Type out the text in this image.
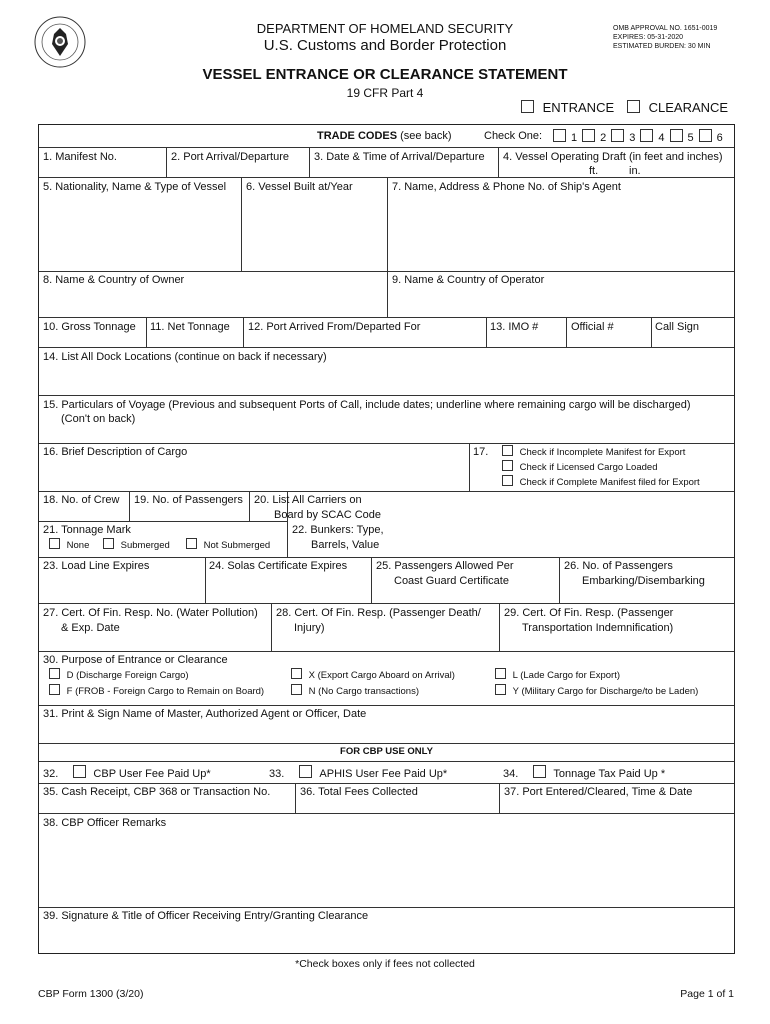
DEPARTMENT OF HOMELAND SECURITY
U.S. Customs and Border Protection
OMB APPROVAL NO. 1651-0019
EXPIRES: 05-31-2020
ESTIMATED BURDEN: 30 MIN
VESSEL ENTRANCE OR CLEARANCE STATEMENT
19 CFR Part 4
ENTRANCE	CLEARANCE
TRADE CODES (see back)	Check One:	1 2 3 4 5 6
1. Manifest No.	2. Port Arrival/Departure 3. Date & Time of Arrival/Departure 4. Vessel Operating Draft (in feet and inches)
ft.	in.
5. Nationality, Name & Type of Vessel 6. Vessel Built at/Year	7. Name, Address & Phone No. of Ship's Agent
8. Name & Country of Owner	9. Name & Country of Operator
10. Gross Tonnage 11. Net Tonnage 12. Port Arrived From/Departed For	13. IMO #	Official #	Call Sign
14. List All Dock Locations (continue on back if necessary)
15. Particulars of Voyage (Previous and subsequent Ports of Call, include dates; underline where remaining cargo will be discharged)
(Con't on back)
16. Brief Description of Cargo	17.	Check if Incomplete Manifest for Export
Check if Licensed Cargo Loaded
Check if Complete Manifest filed for Export
18. No. of Crew 19. No. of Passengers 20. List All Carriers on
Board by SCAC Code
21. Tonnage Mark
None	Submerged	Not Submerged
22. Bunkers: Type,
Barrels, Value
23. Load Line Expires	24. Solas Certificate Expires	25. Passengers Allowed Per
Coast Guard Certificate
26. No. of Passengers
Embarking/Disembarking
27. Cert. Of Fin. Resp. No. (Water Pollution)
& Exp. Date
28. Cert. Of Fin. Resp. (Passenger Death/
Injury)
29. Cert. Of Fin. Resp. (Passenger
Transportation Indemnification)
30. Purpose of Entrance or Clearance
D (Discharge Foreign Cargo)
F (FROB - Foreign Cargo to Remain on Board)
X (Export Cargo Aboard on Arrival)
N (No Cargo transactions)
L (Lade Cargo for Export)
Y (Military Cargo for Discharge/to be Laden)
31. Print & Sign Name of Master, Authorized Agent or Officer, Date
FOR CBP USE ONLY
32.	CBP User Fee Paid Up*	33.	APHIS User Fee Paid Up*	34.	Tonnage Tax Paid Up *
35. Cash Receipt, CBP 368 or Transaction No.	36. Total Fees Collected	37. Port Entered/Cleared, Time & Date
38. CBP Officer Remarks
39. Signature & Title of Officer Receiving Entry/Granting Clearance
*Check boxes only if fees not collected
CBP Form 1300 (3/20)	Page 1 of 1
